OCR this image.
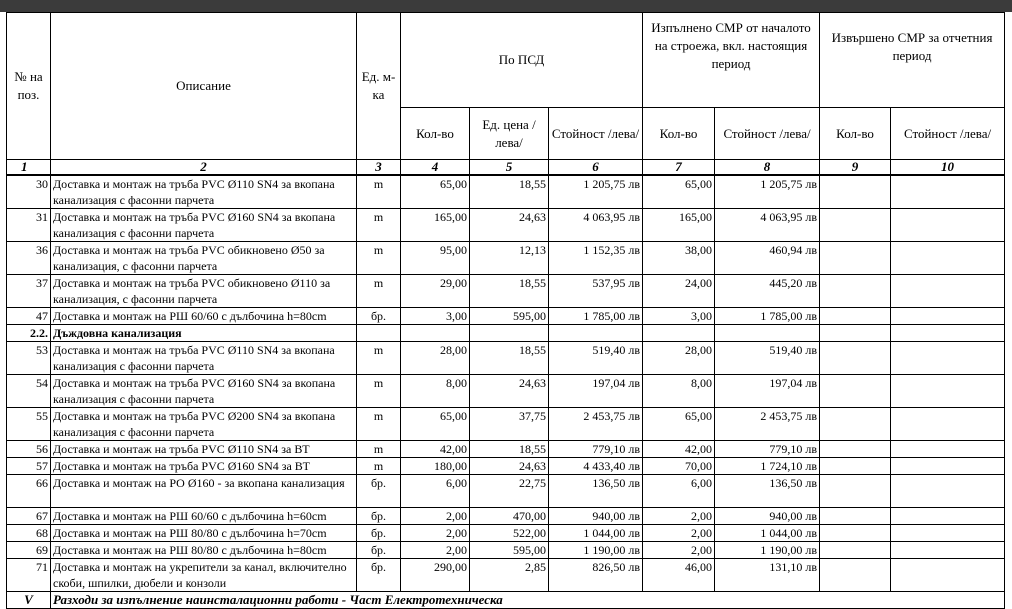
№ на поз.	Описание	Ед. м-ка	По ПСД			Изпълнено СМР от началото на строежа, вкл. настоящия период		Извършено СМР за отчетния период	
			Кол-во	Ед. цена /лева/	Стойност /лева/	Кол-во	Стойност /лева/	Кол-во	Стойност /лева/
1	2	3	4	5	6	7	8	9	10
30	Доставка и монтаж на тръба PVC Ø110 SN4 за вкопана канализация с фасонни парчета	m	65,00	18,55	1 205,75 лв	65,00	1 205,75 лв		
31	Доставка и монтаж на тръба PVC Ø160 SN4 за вкопана канализация с фасонни парчета	m	165,00	24,63	4 063,95 лв	165,00	4 063,95 лв		
36	Доставка и монтаж на тръба PVC обикновено Ø50 за канализация, с фасонни парчета	m	95,00	12,13	1 152,35 лв	38,00	460,94 лв		
37	Доставка и монтаж на тръба PVC обикновено Ø110 за канализация, с фасонни парчета	m	29,00	18,55	537,95 лв	24,00	445,20 лв		
47	Доставка и монтаж на РШ 60/60 с дълбочина h=80cm	бр.	3,00	595,00	1 785,00 лв	3,00	1 785,00 лв		
2.2.	Дъждовна канализация								
53	Доставка и монтаж на тръба PVC Ø110 SN4 за вкопана канализация с фасонни парчета	m	28,00	18,55	519,40 лв	28,00	519,40 лв		
54	Доставка и монтаж на тръба PVC Ø160 SN4 за вкопана канализация с фасонни парчета	m	8,00	24,63	197,04 лв	8,00	197,04 лв		
55	Доставка и монтаж на тръба PVC Ø200 SN4 за вкопана канализация с фасонни парчета	m	65,00	37,75	2 453,75 лв	65,00	2 453,75 лв		
56	Доставка и монтаж на тръба PVC Ø110 SN4 за ВТ	m	42,00	18,55	779,10 лв	42,00	779,10 лв		
57	Доставка и монтаж на тръба PVC Ø160 SN4 за ВТ	m	180,00	24,63	4 433,40 лв	70,00	1 724,10 лв		
66	Доставка и монтаж на РО Ø160 - за вкопана канализация	бр.	6,00	22,75	136,50 лв	6,00	136,50 лв		
67	Доставка и монтаж на РШ 60/60 с дълбочина h=60cm	бр.	2,00	470,00	940,00 лв	2,00	940,00 лв		
68	Доставка и монтаж на РШ 80/80 с дълбочина h=70cm	бр.	2,00	522,00	1 044,00 лв	2,00	1 044,00 лв		
69	Доставка и монтаж на РШ 80/80 с дълбочина h=80cm	бр.	2,00	595,00	1 190,00 лв	2,00	1 190,00 лв		
71	Доставка и монтаж на укрепители за канал, включително скоби, шпилки, дюбели и конзоли	бр.	290,00	2,85	826,50 лв	46,00	131,10 лв		
V	Разходи за изпълнение наинсталационни работи - Част Електротехническа								
